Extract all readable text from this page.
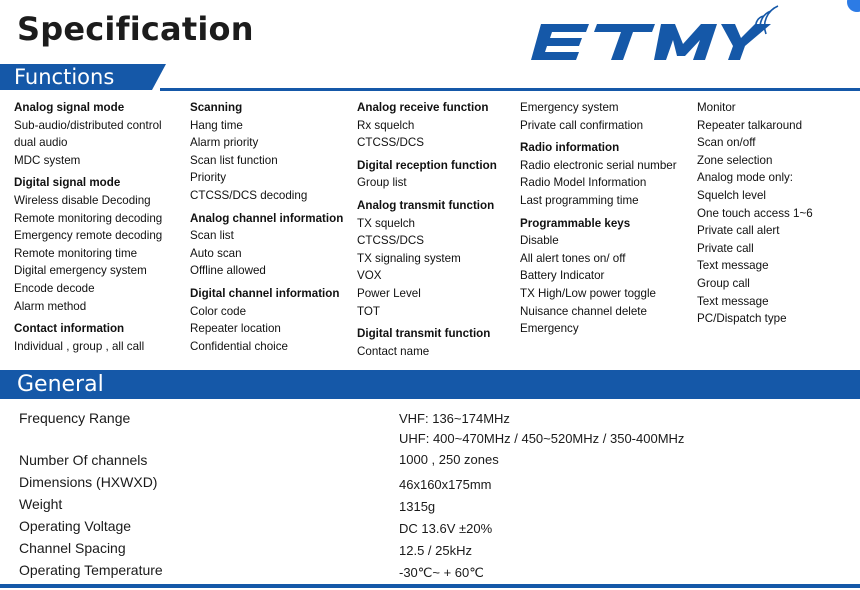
Specification
Functions
Analog signal mode
Sub-audio/distributed control
dual audio
MDC system
Digital signal mode
Wireless disable Decoding
Remote monitoring decoding
Emergency remote decoding
Remote monitoring time
Digital emergency system
Encode decode
Alarm method
Contact information
Individual , group , all call
Scanning
Hang time
Alarm priority
Scan list function
Priority
CTCSS/DCS decoding
Analog channel information
Scan list
Auto scan
Offline allowed
Digital channel information
Color code
Repeater location
Confidential choice
Analog receive function
Rx squelch
CTCSS/DCS
Digital reception function
Group list
Analog transmit function
TX squelch
CTCSS/DCS
TX signaling system
VOX
Power Level
TOT
Digital transmit function
Contact name
Emergency system
Private call confirmation
Radio information
Radio electronic serial number
Radio Model Information
Last programming time
Programmable keys
Disable
All alert tones on/ off
Battery Indicator
TX High/Low power toggle
Nuisance channel delete
Emergency
Monitor
Repeater talkaround
Scan on/off
Zone selection
Analog mode only:
Squelch level
One touch access 1~6
Private call alert
Private call
Text message
Group call
Text message
PC/Dispatch type
General
Frequency Range	VHF: 136~174MHz
UHF: 400~470MHz / 450~520MHz / 350-400MHz
Number Of channels	1000 , 250 zones
Dimensions (HXWXD)	46x160x175mm
Weight	1315g
Operating Voltage	DC 13.6V ±20%
Channel Spacing	12.5 / 25kHz
Operating Temperature	-30℃~ + 60℃
